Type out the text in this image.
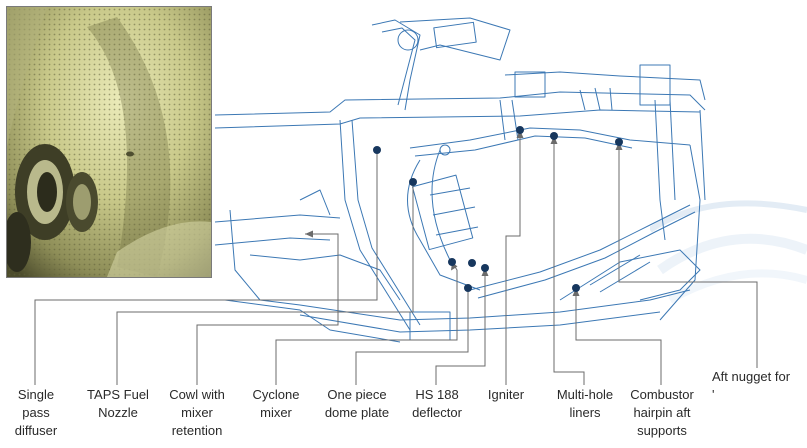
Single
pass
diffuser
TAPS Fuel
Nozzle
Cowl with
mixer
retention
Cyclone
mixer
One piece
dome plate
HS 188
deflector
Igniter	Multi-hole
liners
Combustor
hairpin aft
supports
Aft nugget for
'
